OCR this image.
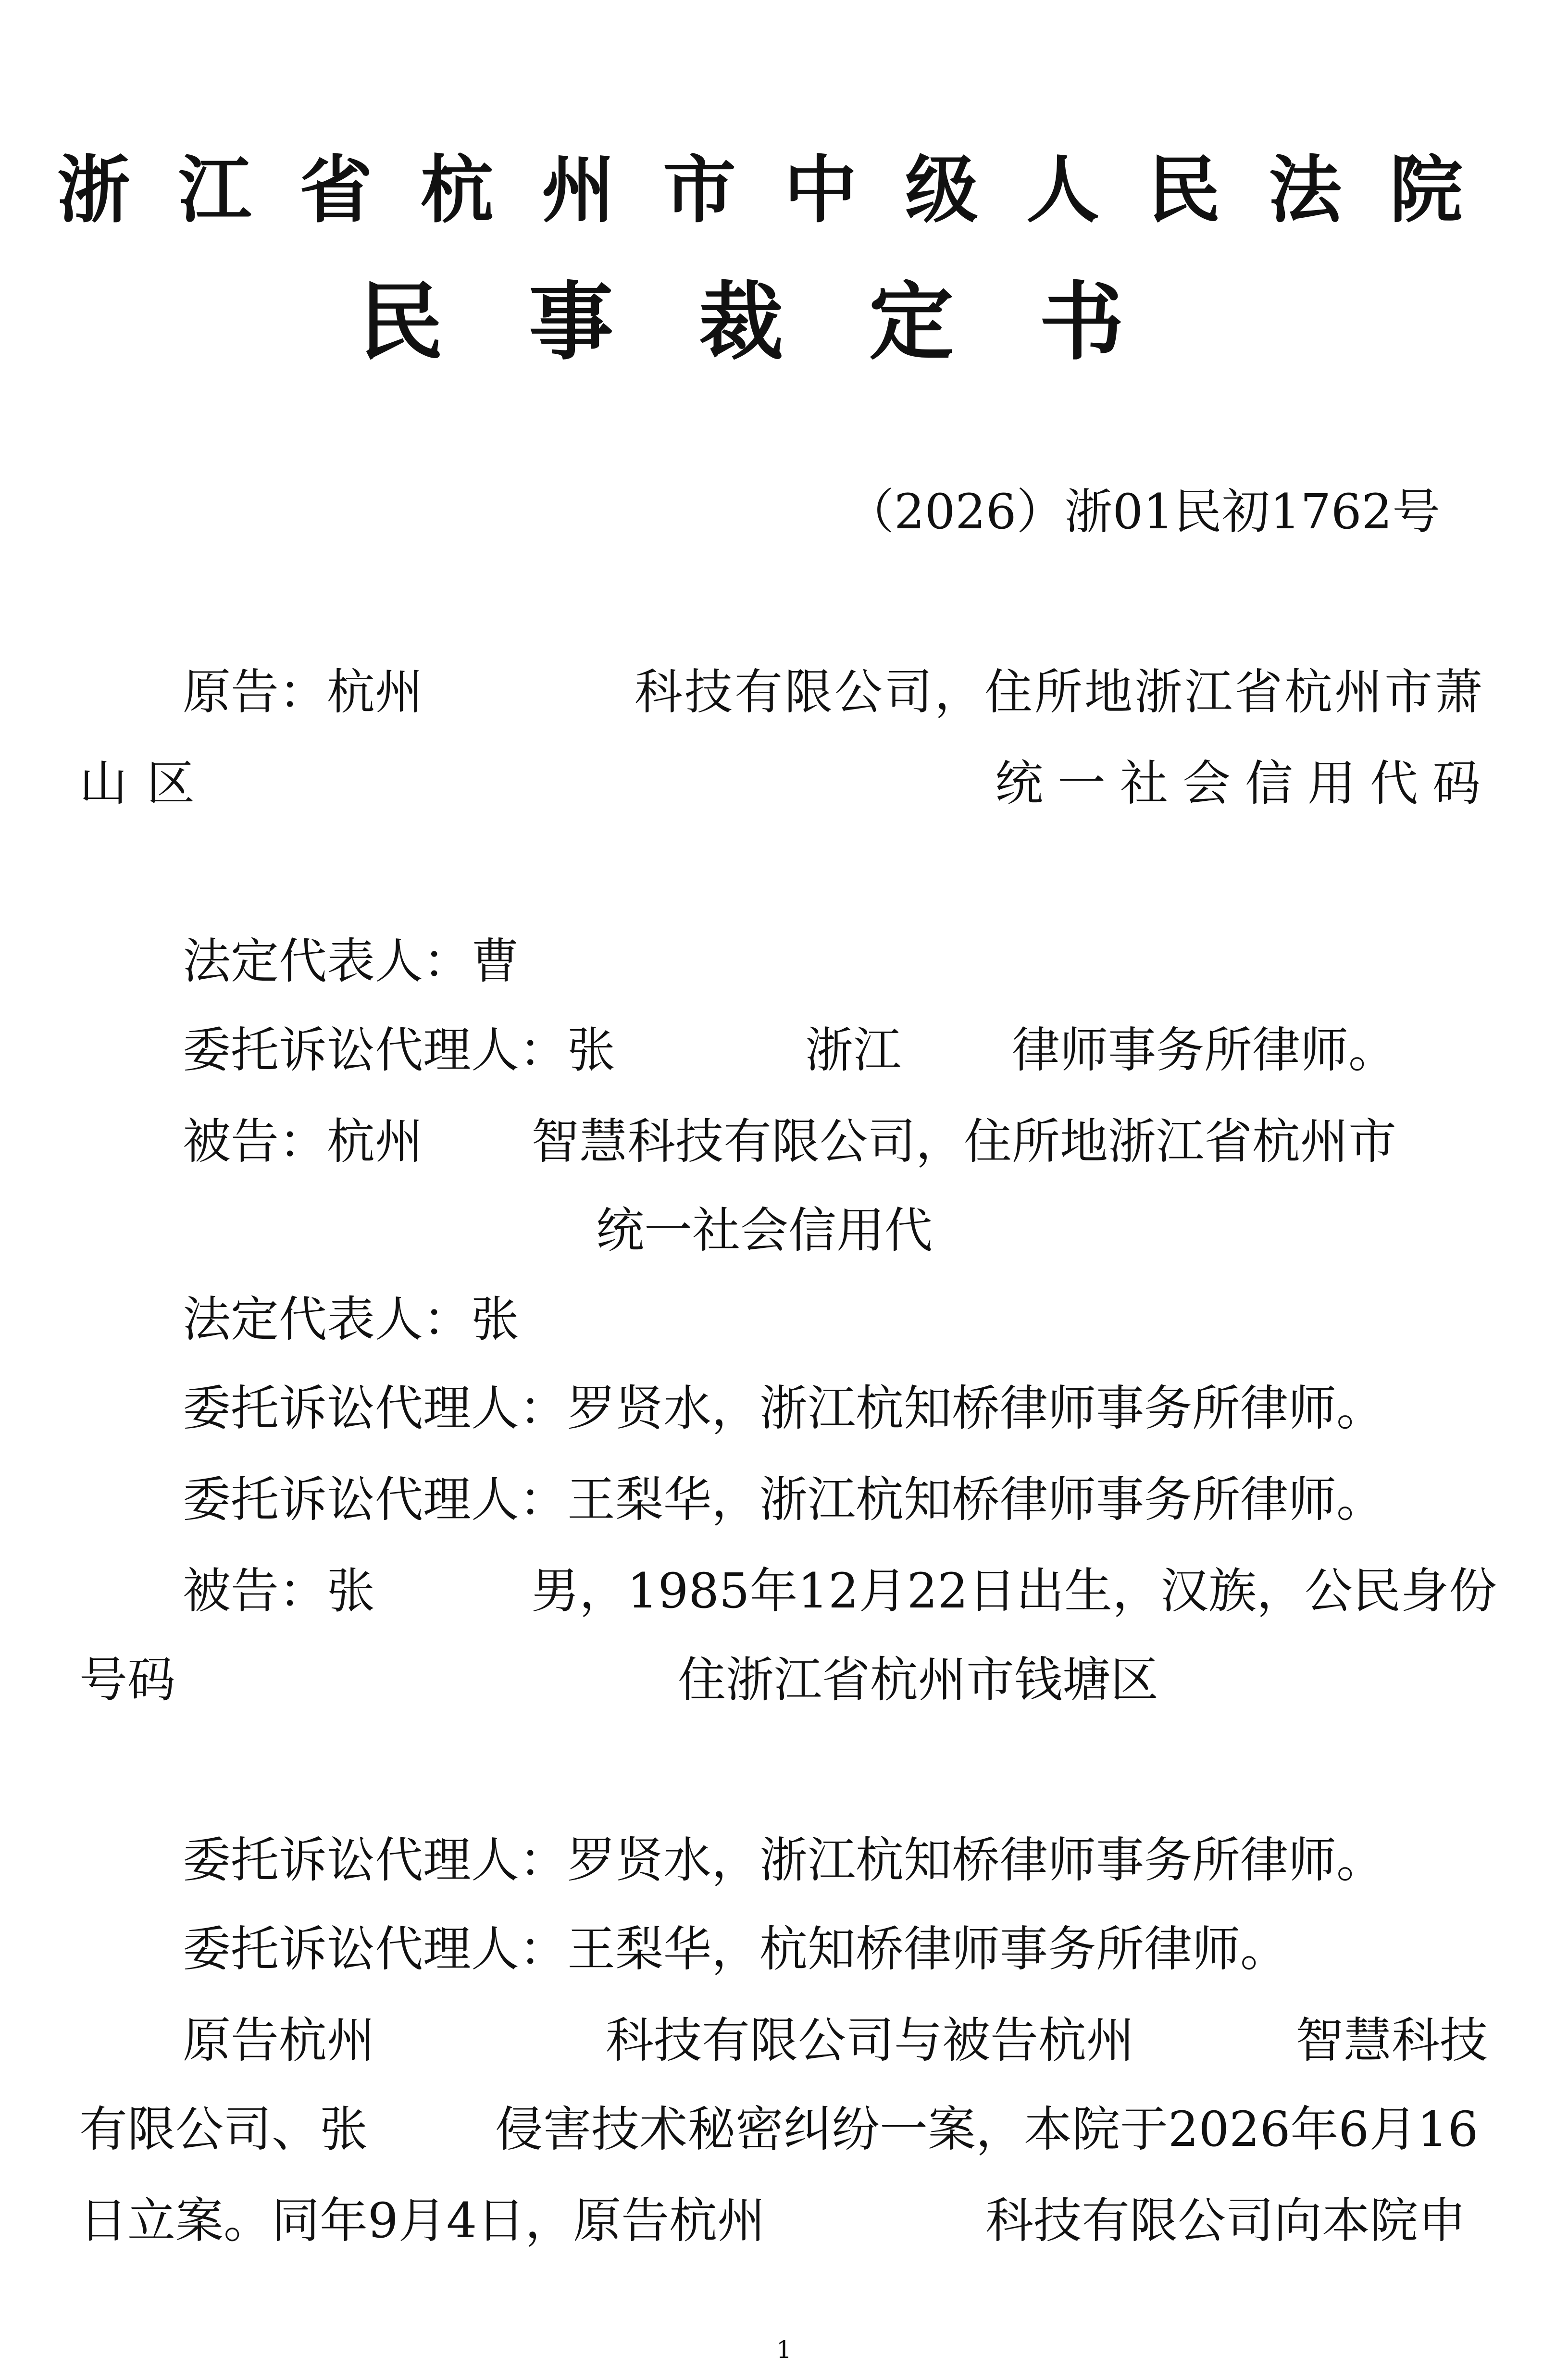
浙江省杭州市中级人民法院
民事裁定书
（2026）浙01民初1762号
原告：杭州	科技有限公司，住所地浙江省杭州市萧
山区	统一社会信用代码
法定代表人：曹
委托诉讼代理人：张	浙江 律师事务所律师。
被告：杭州 智慧科技有限公司，住所地浙江省杭州市
统一社会信用代
法定代表人：张
委托诉讼代理人：罗贤水，浙江杭知桥律师事务所律师。
委托诉讼代理人：王梨华，浙江杭知桥律师事务所律师。
被告：张	男，1985年12月22日出生，汉族，公民身份
号码	住浙江省杭州市钱塘区
委托诉讼代理人：罗贤水，浙江杭知桥律师事务所律师。
委托诉讼代理人：王梨华，杭知桥律师事务所律师。
原告杭州	科技有限公司与被告杭州	智慧科技
有限公司、张	侵害技术秘密纠纷一案，本院于2026年6月16
日立案。同年9月4日，原告杭州	科技有限公司向本院申
1
